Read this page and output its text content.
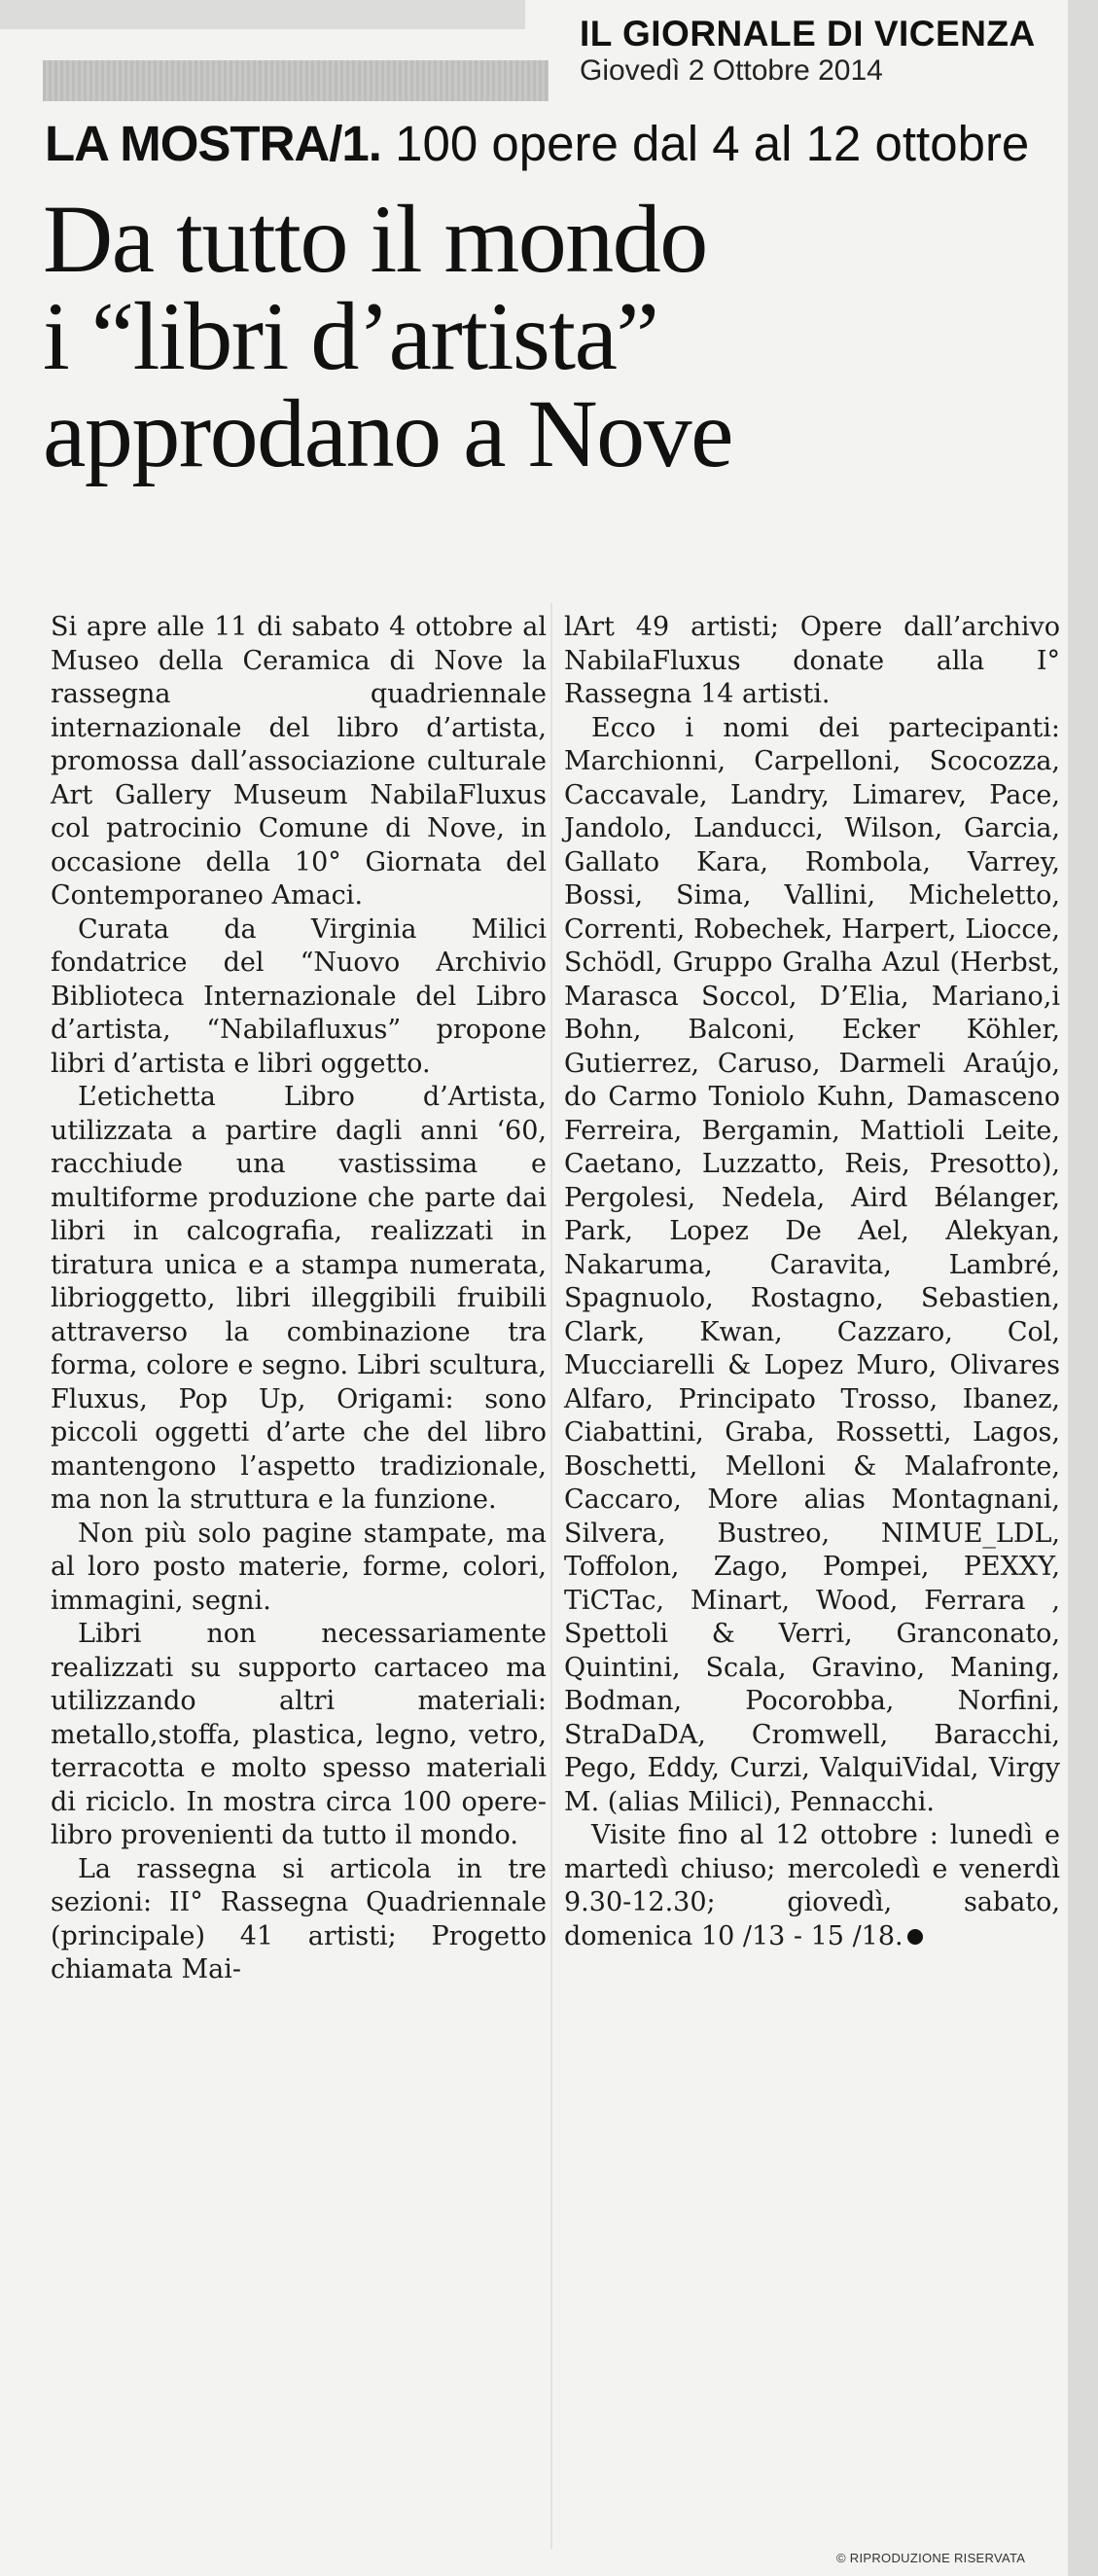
IL GIORNALE DI VICENZA
Giovedì 2 Ottobre 2014
LA MOSTRA/1. 100 opere dal 4 al 12 ottobre
Da tutto il mondo
i “libri d’artista”
approdano a Nove

Si apre alle 11 di sabato 4 ottobre al Museo della Ceramica di Nove la rassegna quadriennale internazionale del libro d’artista, promossa dall’associazione culturale Art Gallery Museum NabilaFluxus col patrocinio Comune di Nove, in occasione della 10° Giornata del Contemporaneo Amaci.

Curata da Virginia Milici fondatrice del “Nuovo Archivio Biblioteca Internazionale del Libro d’artista, “Nabilafluxus” propone libri d’artista e libri oggetto.

L’etichetta Libro d’Artista, utilizzata a partire dagli anni ‘60, racchiude una vastissima e multiforme produzione che parte dai libri in calcografia, realizzati in tiratura unica e a stampa numerata, librioggetto, libri illeggibili fruibili attraverso la combinazione tra forma, colore e segno. Libri scultura, Fluxus, Pop Up, Origami: sono piccoli oggetti d’arte che del libro mantengono l’aspetto tradizionale, ma non la struttura e la funzione.

Non più solo pagine stampate, ma al loro posto materie, forme, colori, immagini, segni.

Libri non necessariamente realizzati su supporto cartaceo ma utilizzando altri materiali: metallo,stoffa, plastica, legno, vetro, terracotta e molto spesso materiali di riciclo. In mostra circa 100 opere-libro provenienti da tutto il mondo.

La rassegna si articola in tre sezioni: II° Rassegna Quadriennale (principale) 41 artisti; Progetto chiamata Mai-

lArt 49 artisti; Opere dall’archivo NabilaFluxus donate alla I° Rassegna 14 artisti.

Ecco i nomi dei partecipanti: Marchionni, Carpelloni, Scocozza, Caccavale, Landry, Limarev, Pace, Jandolo, Landucci, Wilson, Garcia, Gallato Kara, Rombola, Varrey, Bossi, Sima, Vallini, Micheletto, Correnti, Robechek, Harpert, Liocce, Schödl, Gruppo Gralha Azul (Herbst, Marasca Soccol, D’Elia, Mariano,i Bohn, Balconi, Ecker Köhler, Gutierrez, Caruso, Darmeli Araújo, do Carmo Toniolo Kuhn, Damasceno Ferreira, Bergamin, Mattioli Leite, Caetano, Luzzatto, Reis, Presotto), Pergolesi, Nedela, Aird Bélanger, Park, Lopez De Ael, Alekyan, Nakaruma, Caravita, Lambré, Spagnuolo, Rostagno, Sebastien, Clark, Kwan, Cazzaro, Col, Mucciarelli & Lopez Muro, Olivares Alfaro, Principato Trosso, Ibanez, Ciabattini, Graba, Rossetti, Lagos, Boschetti, Melloni & Malafronte, Caccaro, More alias Montagnani, Silvera, Bustreo, NIMUE_LDL, Toffolon, Zago, Pompei, PEXXY, TiCTac, Minart, Wood, Ferrara , Spettoli & Verri, Granconato, Quintini, Scala, Gravino, Maning, Bodman, Pocorobba, Norfini, StraDaDA, Cromwell, Baracchi, Pego, Eddy, Curzi, ValquiVidal, Virgy M. (alias Milici), Pennacchi.

Visite fino al 12 ottobre : lunedì e martedì chiuso; mercoledì e venerdì 9.30-12.30; giovedì, sabato, domenica 10 /13 - 15 /18.

© RIPRODUZIONE RISERVATA
